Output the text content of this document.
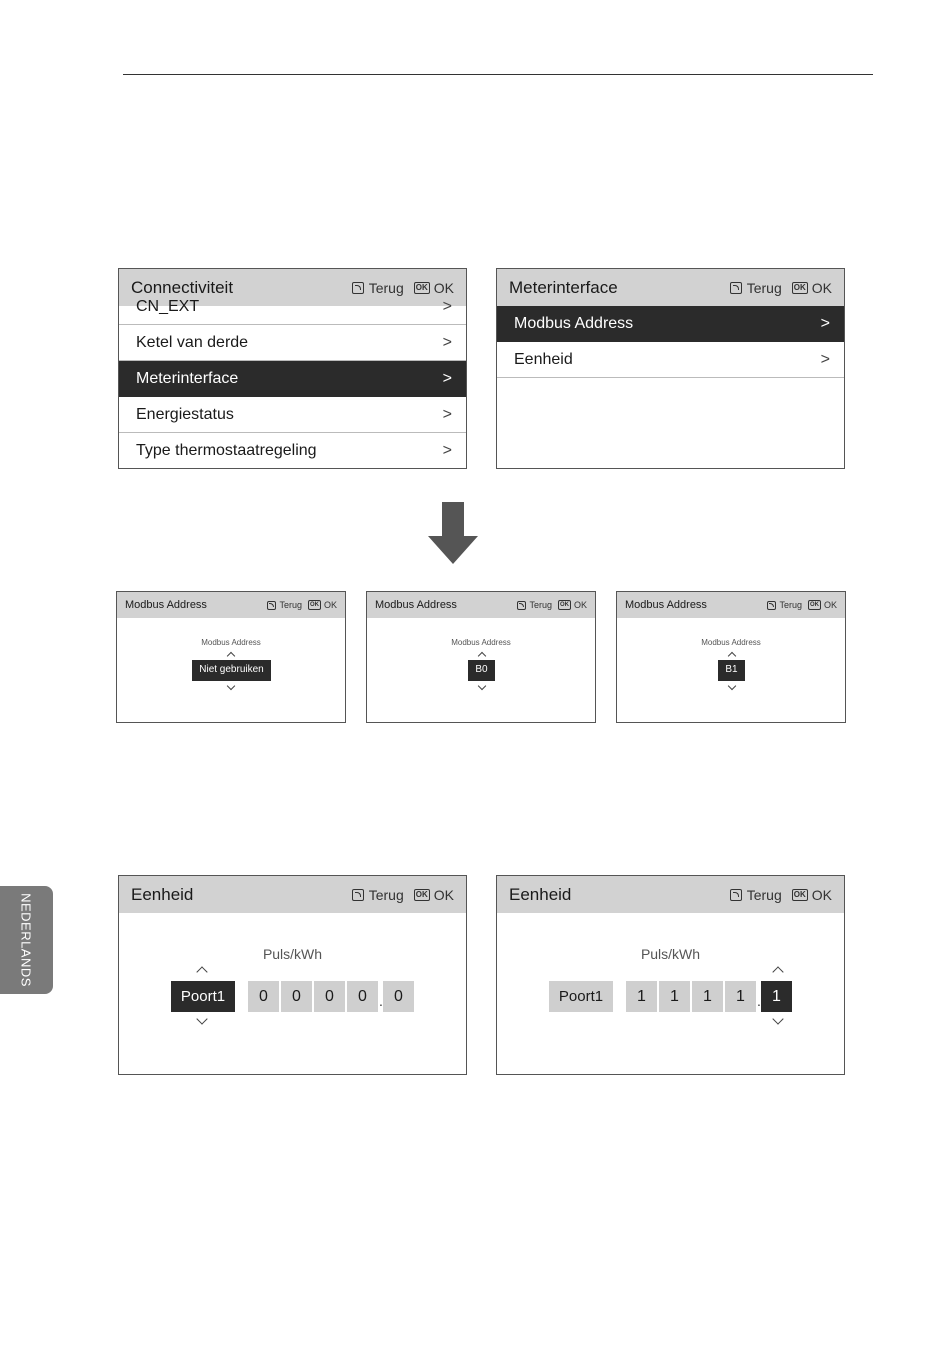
NEDERLANDS
Connectiviteit	Terug OK OK
CN_EXT	>
Ketel van derde	>
Meterinterface	>
Energiestatus	>
Type thermostaatregeling	>
Meterinterface	Terug OK OK
Modbus Address	>
Eenheid	>
Modbus Address	Terug	OK OK
Modbus Address
Niet gebruiken
Modbus Address	Terug	OK OK
Modbus Address
B0
Modbus Address	Terug	OK OK
Modbus Address
B1
Eenheid	Terug OK OK
Puls/kWh
Poort1	0	0	0	0 . 0
Eenheid	Terug OK OK
Puls/kWh
Poort1	1	1	1	1 . 1
